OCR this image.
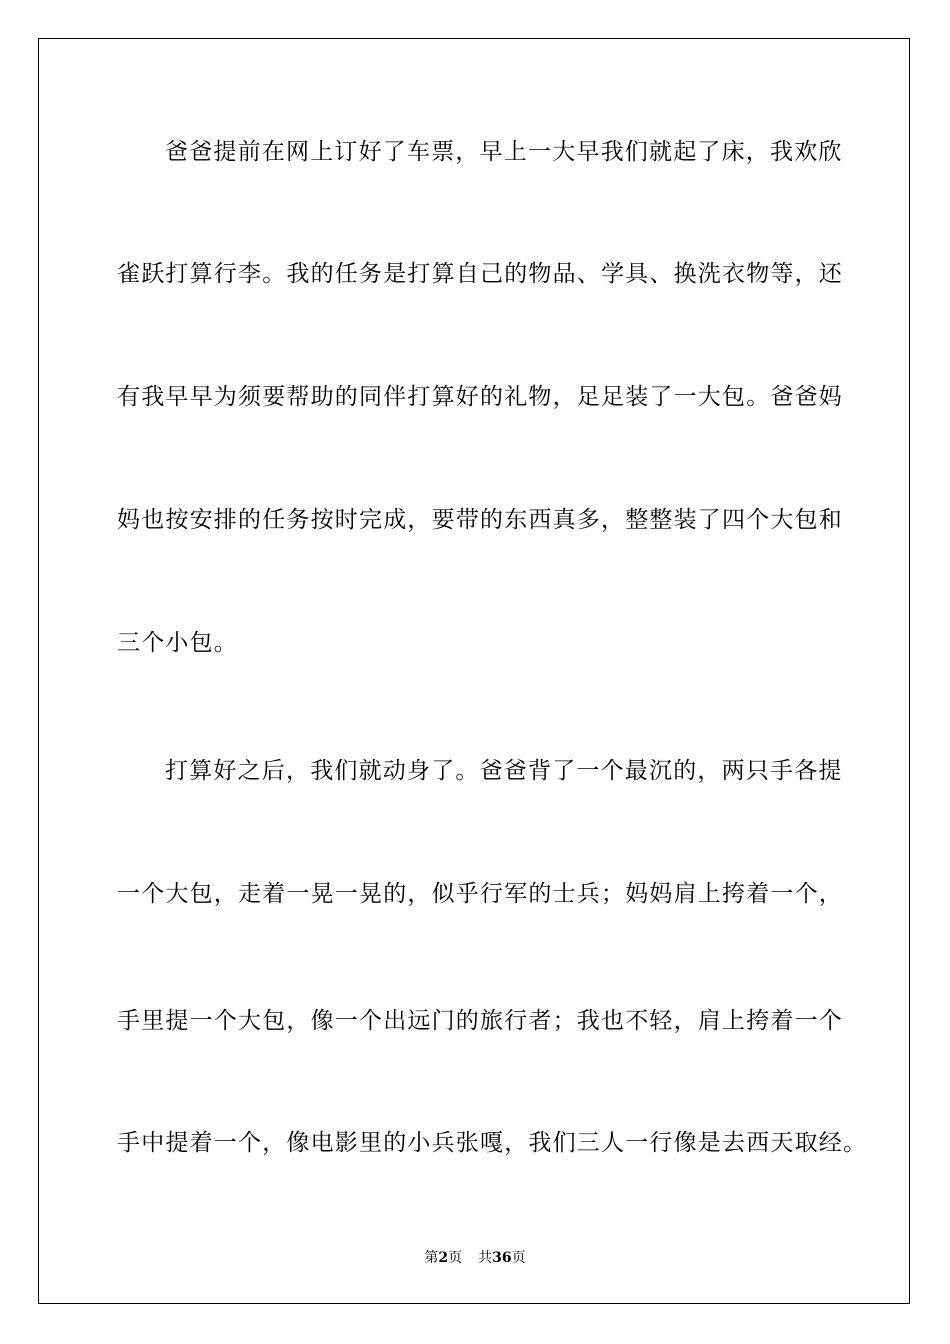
爸爸提前在网上订好了车票，早上一大早我们就起了床，我欢欣
雀跃打算行李。我的任务是打算自己的物品、学具、换洗衣物等，还
有我早早为须要帮助的同伴打算好的礼物，足足装了一大包。爸爸妈
妈也按安排的任务按时完成，要带的东西真多，整整装了四个大包和
三个小包。
打算好之后，我们就动身了。爸爸背了一个最沉的，两只手各提
一个大包，走着一晃一晃的，似乎行军的士兵；妈妈肩上挎着一个，
手里提一个大包，像一个出远门的旅行者；我也不轻，肩上挎着一个
手中提着一个，像电影里的小兵张嘎，我们三人一行像是去西天取经。
第2页 共36页
